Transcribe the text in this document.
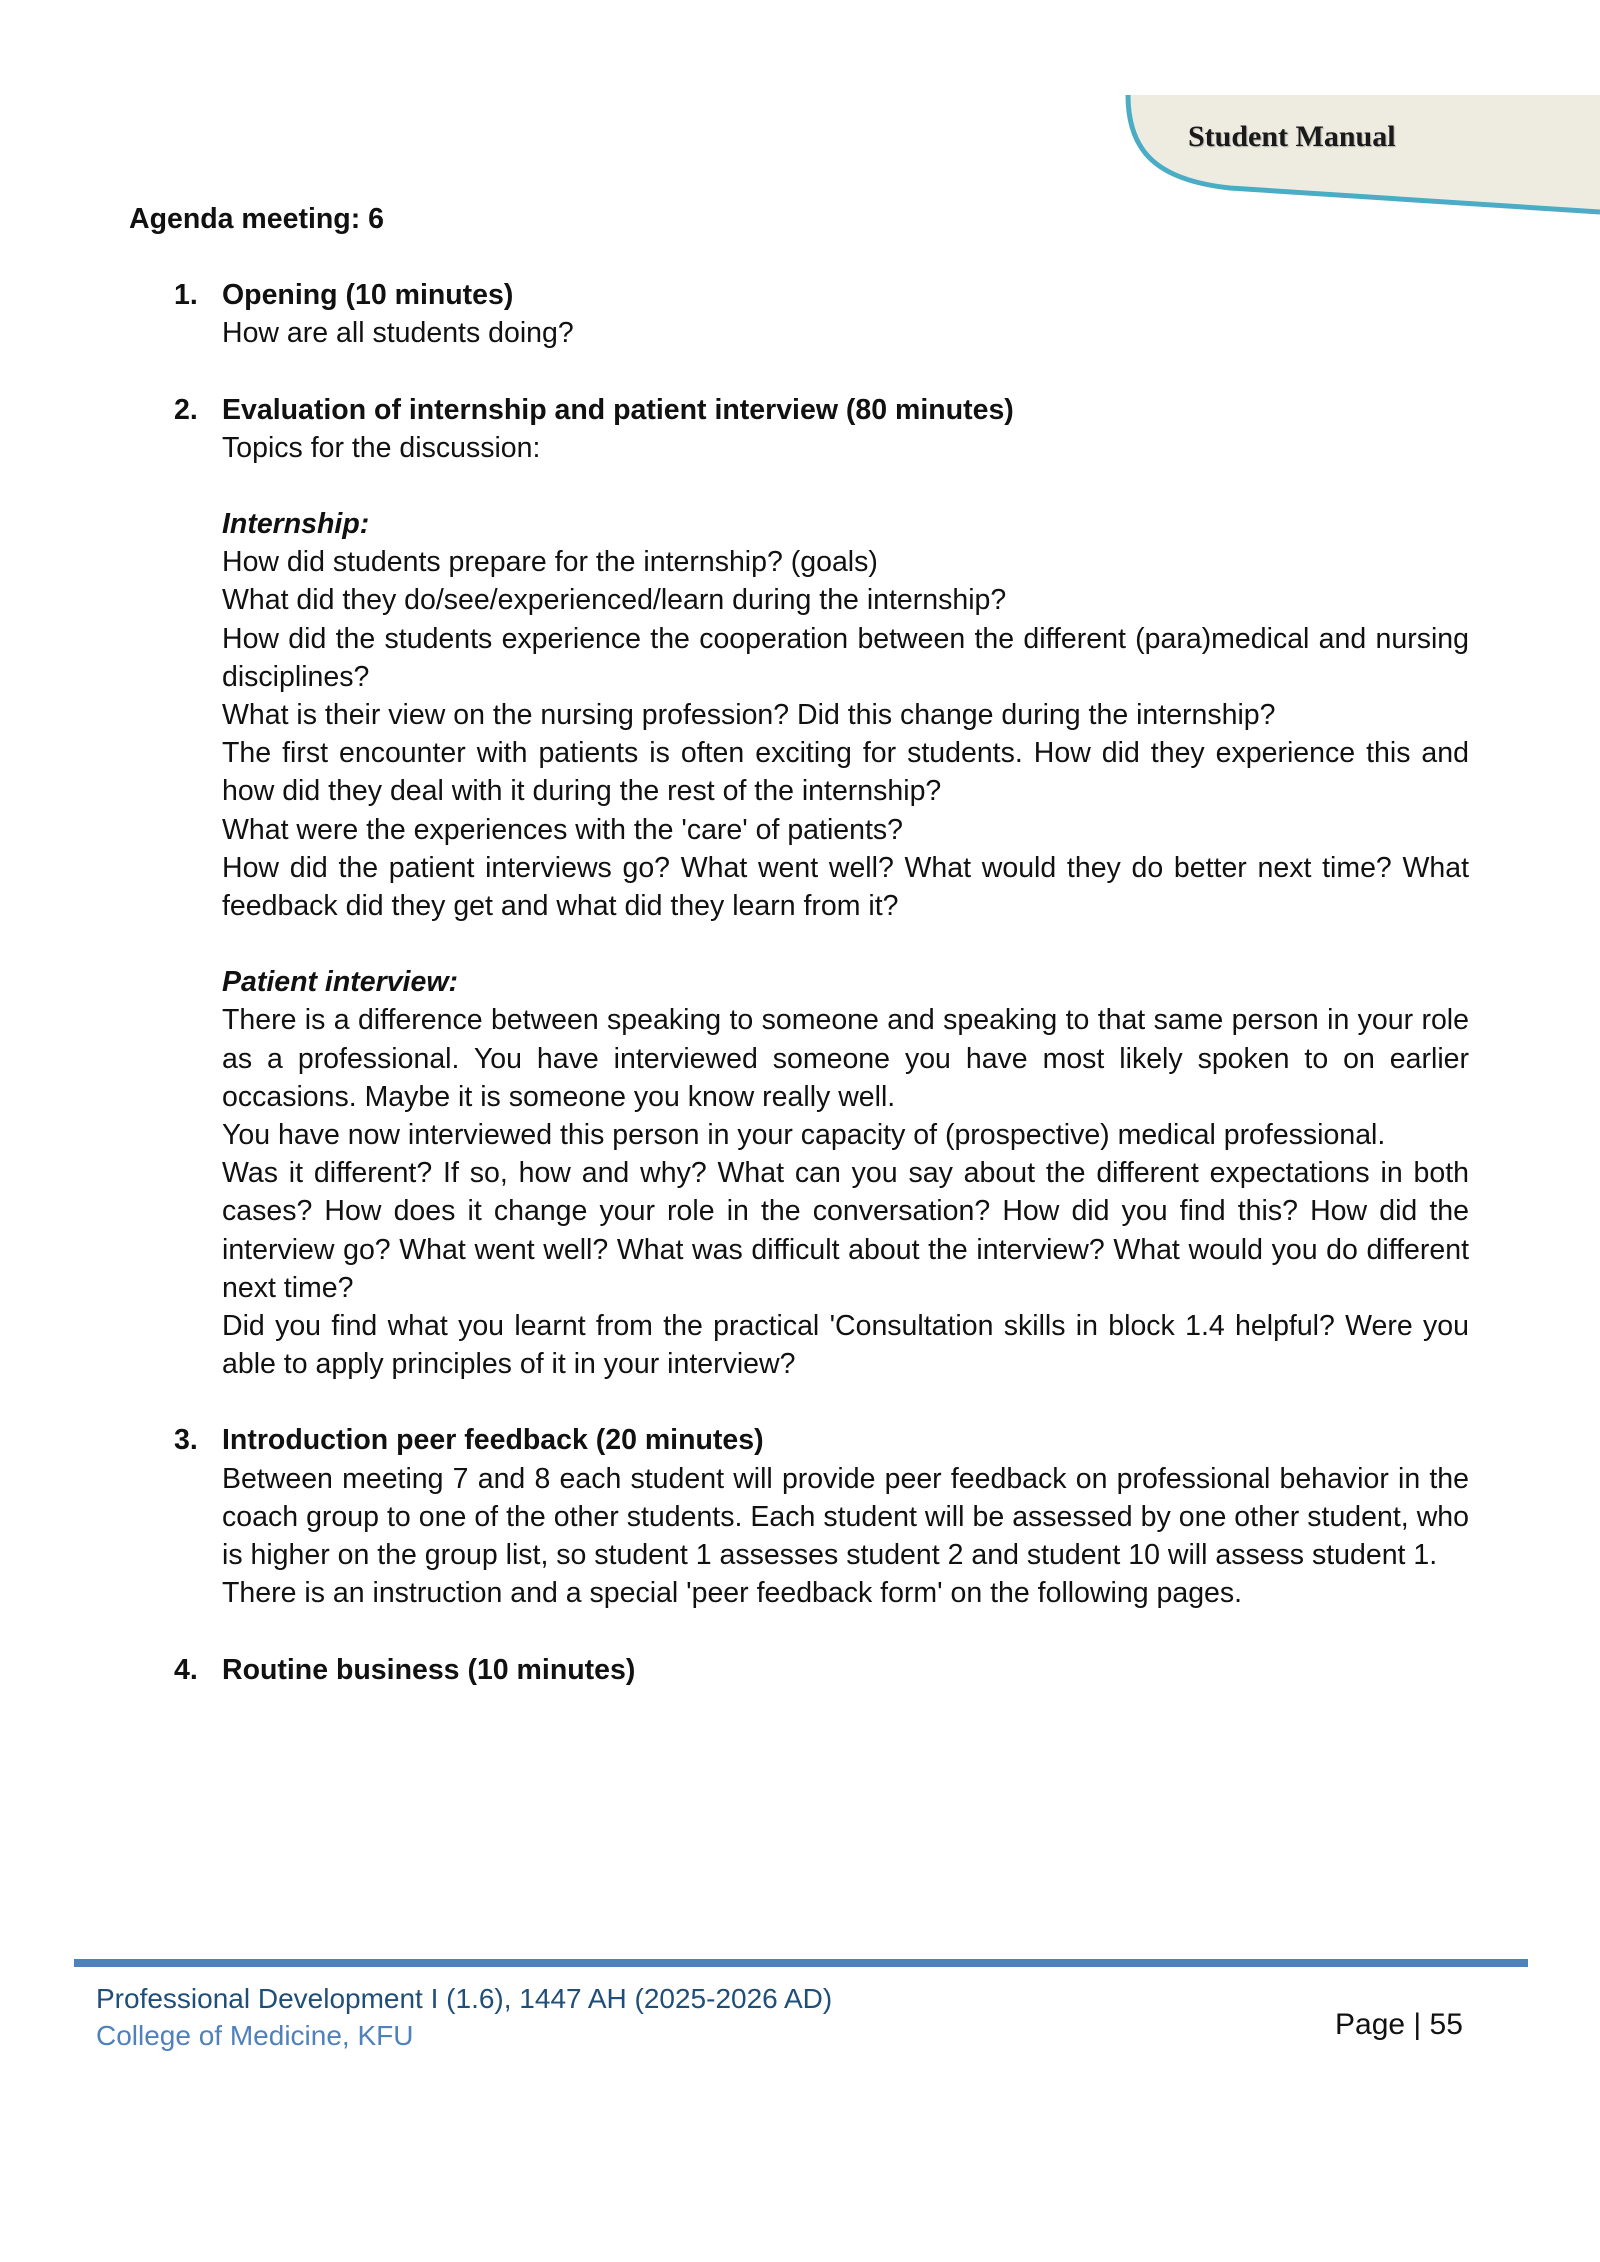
Student Manual

Agenda meeting: 6

1. Opening (10 minutes)

How are all students doing?

2. Evaluation of internship and patient interview (80 minutes)

Topics for the discussion:

Internship:

How did students prepare for the internship? (goals)

What did they do/see/experienced/learn during the internship?

How did the students experience the cooperation between the different (para)medical and nursing disciplines?

What is their view on the nursing profession? Did this change during the internship?

The first encounter with patients is often exciting for students. How did they experience this and how did they deal with it during the rest of the internship?

What were the experiences with the 'care' of patients?

How did the patient interviews go? What went well? What would they do better next time? What feedback did they get and what did they learn from it?

Patient interview:

There is a difference between speaking to someone and speaking to that same person in your role as a professional. You have interviewed someone you have most likely spoken to on earlier occasions. Maybe it is someone you know really well.

You have now interviewed this person in your capacity of (prospective) medical professional.

Was it different? If so, how and why? What can you say about the different expectations in both cases? How does it change your role in the conversation? How did you find this? How did the interview go? What went well? What was difficult about the interview? What would you do different next time?

Did you find what you learnt from the practical 'Consultation skills in block 1.4 helpful? Were you able to apply principles of it in your interview?

3. Introduction peer feedback (20 minutes)

Between meeting 7 and 8 each student will provide peer feedback on professional behavior in the coach group to one of the other students. Each student will be assessed by one other student, who is higher on the group list, so student 1 assesses student 2 and student 10 will assess student 1.

There is an instruction and a special 'peer feedback form' on the following pages.

4. Routine business (10 minutes)

Professional Development I (1.6), 1447 AH (2025-2026 AD)
College of Medicine, KFU	Page | 55
